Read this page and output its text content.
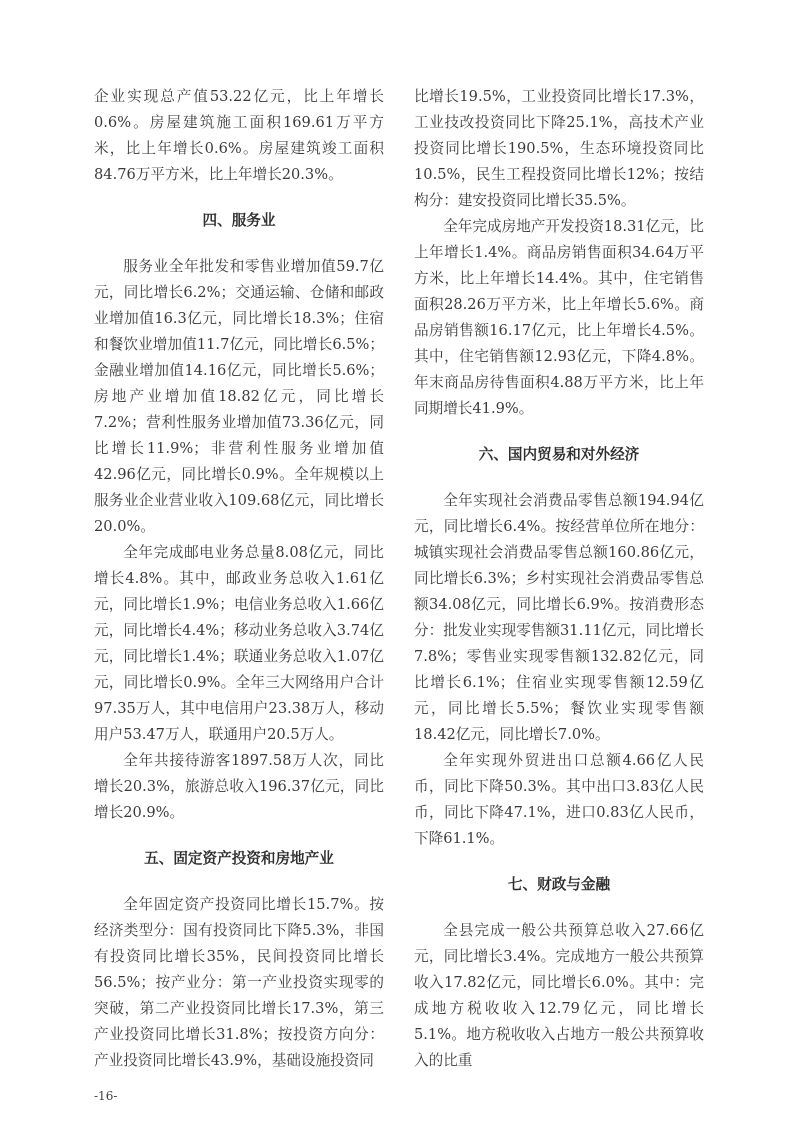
企业实现总产值53.22亿元，比上年增长0.6%。房屋建筑施工面积169.61万平方米，比上年增长0.6%。房屋建筑竣工面积84.76万平方米，比上年增长20.3%。

四、服务业

服务业全年批发和零售业增加值59.7亿元，同比增长6.2%；交通运输、仓储和邮政业增加值16.3亿元，同比增长18.3%；住宿和餐饮业增加值11.7亿元，同比增长6.5%；金融业增加值14.16亿元，同比增长5.6%；房地产业增加值18.82亿元，同比增长7.2%；营利性服务业增加值73.36亿元，同比增长11.9%；非营利性服务业增加值42.96亿元，同比增长0.9%。全年规模以上服务业企业营业收入109.68亿元，同比增长20.0%。

全年完成邮电业务总量8.08亿元，同比增长4.8%。其中，邮政业务总收入1.61亿元，同比增长1.9%；电信业务总收入1.66亿元，同比增长4.4%；移动业务总收入3.74亿元，同比增长1.4%；联通业务总收入1.07亿元，同比增长0.9%。全年三大网络用户合计97.35万人，其中电信用户23.38万人，移动用户53.47万人，联通用户20.5万人。

全年共接待游客1897.58万人次，同比增长20.3%，旅游总收入196.37亿元，同比增长20.9%。

五、固定资产投资和房地产业

全年固定资产投资同比增长15.7%。按经济类型分：国有投资同比下降5.3%，非国有投资同比增长35%，民间投资同比增长56.5%；按产业分：第一产业投资实现零的突破，第二产业投资同比增长17.3%，第三产业投资同比增长31.8%；按投资方向分：产业投资同比增长43.9%，基础设施投资同

比增长19.5%，工业投资同比增长17.3%，工业技改投资同比下降25.1%，高技术产业投资同比增长190.5%，生态环境投资同比10.5%，民生工程投资同比增长12%；按结构分：建安投资同比增长35.5%。

全年完成房地产开发投资18.31亿元，比上年增长1.4%。商品房销售面积34.64万平方米，比上年增长14.4%。其中，住宅销售面积28.26万平方米，比上年增长5.6%。商品房销售额16.17亿元，比上年增长4.5%。其中，住宅销售额12.93亿元，下降4.8%。年末商品房待售面积4.88万平方米，比上年同期增长41.9%。

六、国内贸易和对外经济

全年实现社会消费品零售总额194.94亿元，同比增长6.4%。按经营单位所在地分：城镇实现社会消费品零售总额160.86亿元，同比增长6.3%；乡村实现社会消费品零售总额34.08亿元，同比增长6.9%。按消费形态分：批发业实现零售额31.11亿元，同比增长7.8%；零售业实现零售额132.82亿元，同比增长6.1%；住宿业实现零售额12.59亿元，同比增长5.5%；餐饮业实现零售额18.42亿元，同比增长7.0%。

全年实现外贸进出口总额4.66亿人民币，同比下降50.3%。其中出口3.83亿人民币，同比下降47.1%，进口0.83亿人民币，下降61.1%。

七、财政与金融

全县完成一般公共预算总收入27.66亿元，同比增长3.4%。完成地方一般公共预算收入17.82亿元，同比增长6.0%。其中：完成地方税收收入12.79亿元，同比增长5.1%。地方税收收入占地方一般公共预算收入的比重

-16-
